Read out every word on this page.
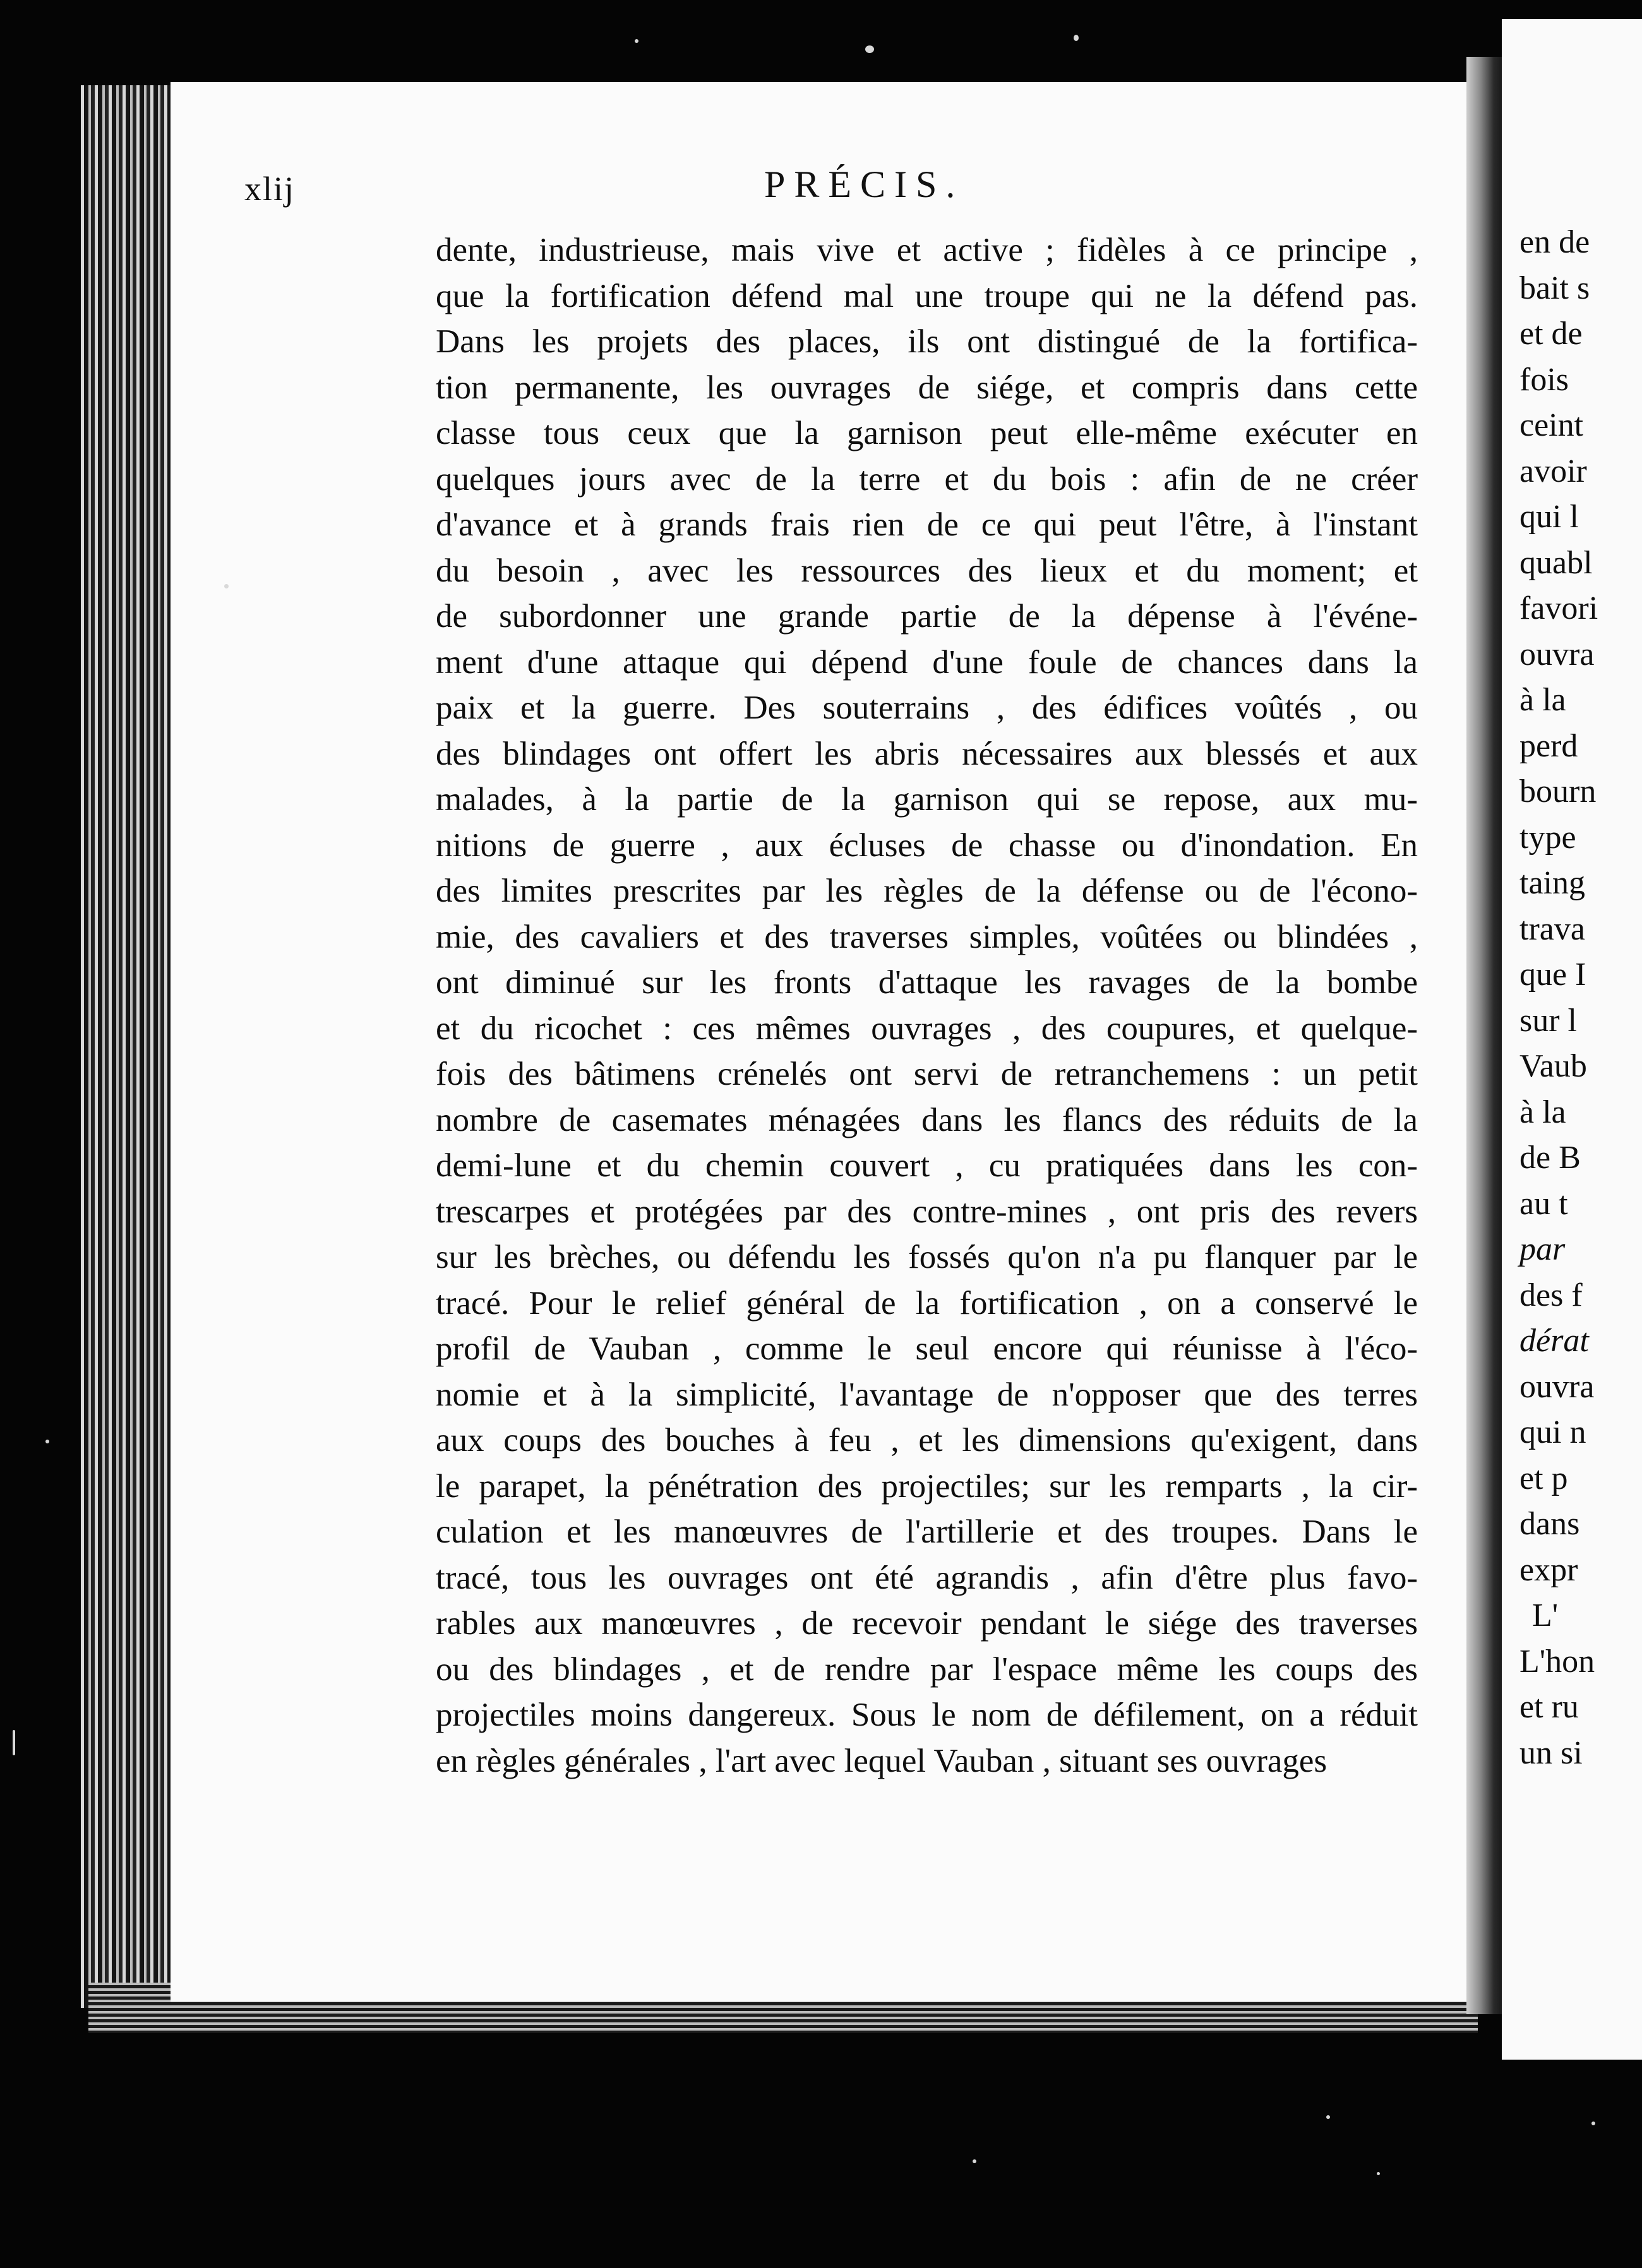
en de
bait s
et de
fois
ceint
avoir
qui l
quabl
favori
ouvra
à la
perd
bourn
type
taing
trava
que I
sur l
Vaub
à la
de B
au t
par
des f
dérat
ouvra
qui n
et p
dans
expr
L'
L'hon
et ru
un si
xlij	PRÉCIS.
dente, industrieuse, mais vive et active ; fidèles à ce principe ,
que la fortification défend mal une troupe qui ne la défend pas.
Dans les projets des places, ils ont distingué de la fortifica-
tion permanente, les ouvrages de siége, et compris dans cette
classe tous ceux que la garnison peut elle-même exécuter en
quelques jours avec de la terre et du bois : afin de ne créer
d'avance et à grands frais rien de ce qui peut l'être, à l'instant
du besoin , avec les ressources des lieux et du moment; et
de subordonner une grande partie de la dépense à l'événe-
ment d'une attaque qui dépend d'une foule de chances dans la
paix et la guerre. Des souterrains , des édifices voûtés , ou
des blindages ont offert les abris nécessaires aux blessés et aux
malades, à la partie de la garnison qui se repose, aux mu-
nitions de guerre , aux écluses de chasse ou d'inondation. En
des limites prescrites par les règles de la défense ou de l'écono-
mie, des cavaliers et des traverses simples, voûtées ou blindées ,
ont diminué sur les fronts d'attaque les ravages de la bombe
et du ricochet : ces mêmes ouvrages , des coupures, et quelque-
fois des bâtimens crénelés ont servi de retranchemens : un petit
nombre de casemates ménagées dans les flancs des réduits de la
demi-lune et du chemin couvert , cu pratiquées dans les con-
trescarpes et protégées par des contre-mines , ont pris des revers
sur les brèches, ou défendu les fossés qu'on n'a pu flanquer par le
tracé. Pour le relief général de la fortification , on a conservé le
profil de Vauban , comme le seul encore qui réunisse à l'éco-
nomie et à la simplicité, l'avantage de n'opposer que des terres
aux coups des bouches à feu , et les dimensions qu'exigent, dans
le parapet, la pénétration des projectiles; sur les remparts , la cir-
culation et les manœuvres de l'artillerie et des troupes. Dans le
tracé, tous les ouvrages ont été agrandis , afin d'être plus favo-
rables aux manœuvres , de recevoir pendant le siége des traverses
ou des blindages , et de rendre par l'espace même les coups des
projectiles moins dangereux. Sous le nom de défilement, on a réduit
en règles générales , l'art avec lequel Vauban , situant ses ouvrages
